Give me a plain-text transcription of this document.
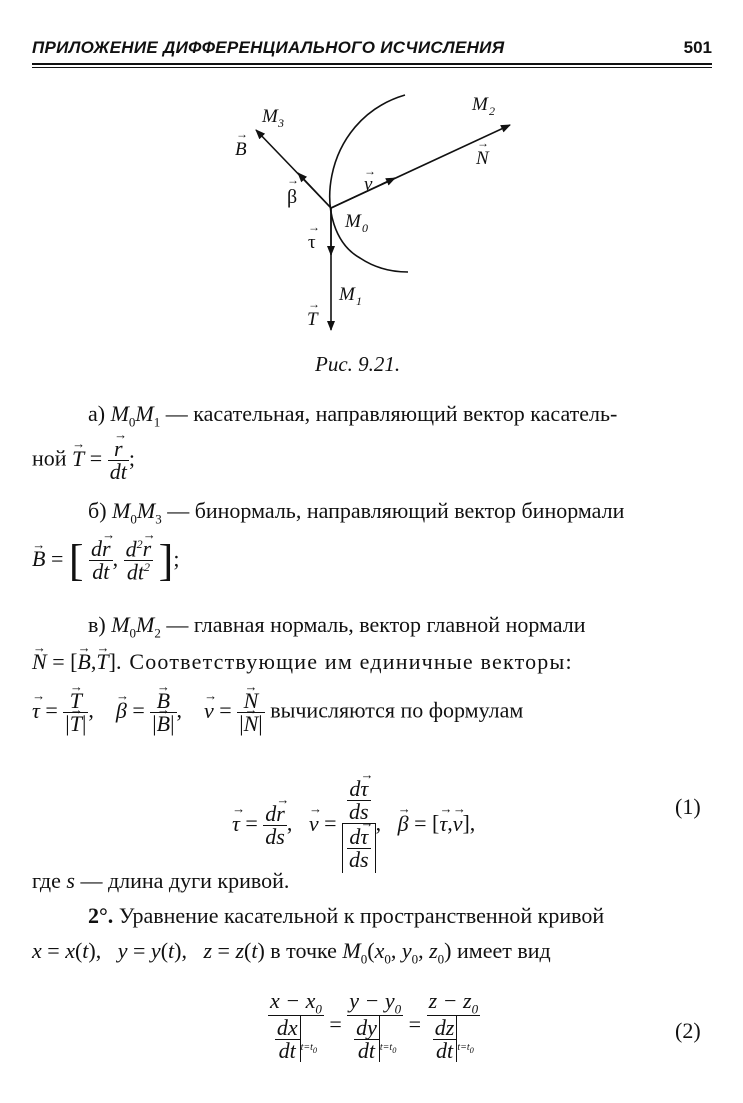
ПРИЛОЖЕНИЕ ДИФФЕРЕНЦИАЛЬНОГО ИСЧИСЛЕНИЯ	501
M 3
B
→
M 2
N
→
ν
→
β
→
M 0
τ
→
M 1
T
→
Рис. 9.21.
а) $M_0M_1$ — касательная, направляющий вектор касатель-
ной → T = → $\frac{r}{dt}$ ;
б) $M_0M_3$ — бинормаль, направляющий вектор бинормали
→ B = [ $\frac{d\to r}{dt}$ , $\frac{d^2\to r}{dt^2}$ ];
в) $M_0M_2$ — главная нормаль, вектор главной нормали
→ N = [→ B,→ T]. Соответствующие им единичные векторы:
→ τ = → $\frac{T}{|\to T|}$ ,    → β = → $\frac{B}{|\to B|}$ ,    → ν = → $\frac{N}{|\to N|}$ вычисляются по формулам
→ $\tau = \frac{d\to r}{ds}$ ,   → $\nu = \frac{\frac{d\to \tau}{ds}}{\frac{d\to \tau}{ds}}$ ,   → β = [→ τ,→ ν],
(1)
где s — длина дуги кривой.
2°. Уравнение касательной к пространственной кривой
x = x(t),   y = y(t),   z = z(t) в точке $M_0(x_0$, $y_0$, $z_0$) имеет вид
$\frac{x - x_0}{\frac{dx}{dt} _{t=t_0}} = \frac{y - y_0}{\frac{dy}{dt} _{t=t_0}} = \frac{z - z_0}{\frac{dz}{dt} _{t=t_0}}$	(2)
